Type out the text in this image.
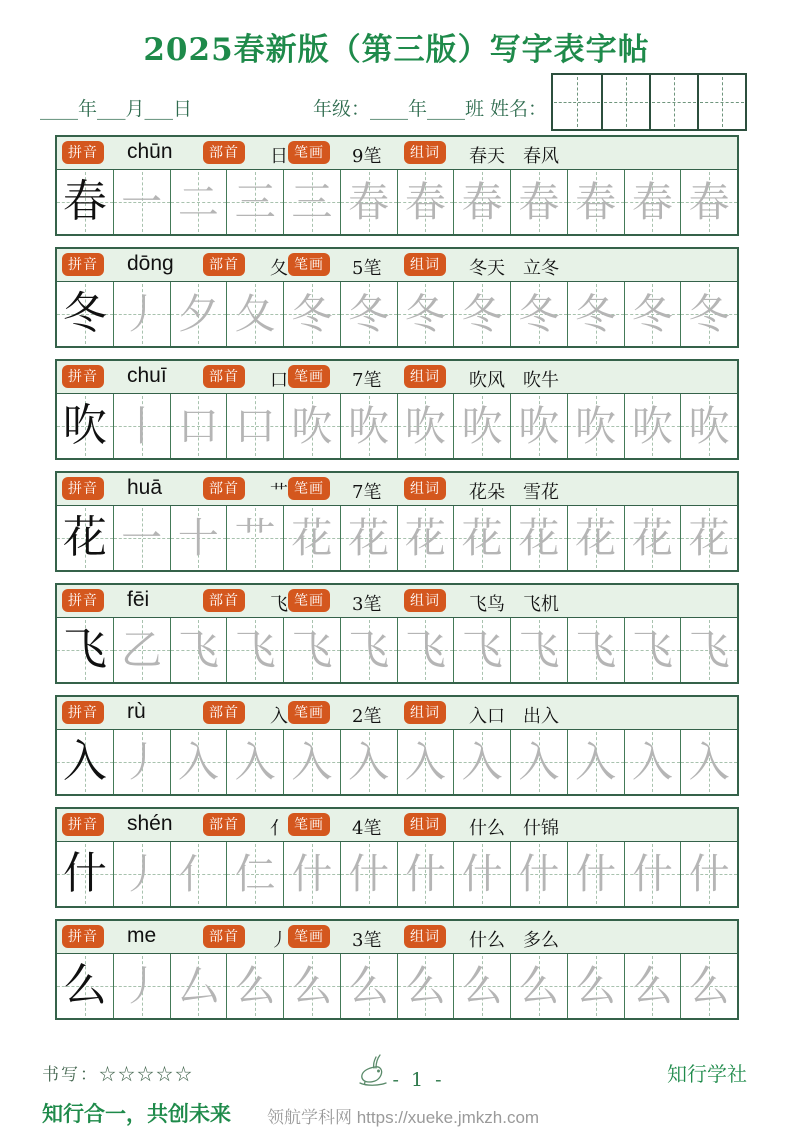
2025春新版（第三版）写字表字帖
____年___月___日	年级：____年____班 姓名：
拼音 chūn	部首	日 笔画	9笔	组词	春天　春风
春 一 二 三 三 春 春 春 春 春 春 春
拼音 dōng	部首	夂 笔画	5笔	组词	冬天　立冬
冬 丿 夕 夂 冬 冬 冬 冬 冬 冬 冬 冬
拼音 chuī	部首	口 笔画	7笔	组词	吹风　吹牛
吹 丨 口 口 吹 吹 吹 吹 吹 吹 吹 吹
拼音 huā	部首	艹 笔画	7笔	组词	花朵　雪花
花 一 十 艹 花 花 花 花 花 花 花 花
拼音 fēi	部首	飞 笔画	3笔	组词	飞鸟　飞机
飞 乙 飞 飞 飞 飞 飞 飞 飞 飞 飞 飞
拼音 rù	部首	入 笔画	2笔	组词	入口　出入
入 丿 入 入 入 入 入 入 入 入 入 入
拼音 shén	部首	亻 笔画	4笔	组词	什么　什锦
什 丿 亻 仁 什 什 什 什 什 什 什 什
拼音 me	部首	丿 笔画	3笔	组词	什么　多么
么 丿 厶 么 么 么 么 么 么 么 么 么
书写：☆☆☆☆☆	- 1 -	知行学社
知行合一，共创未来 领航学科网 https://xueke.jmkzh.com
